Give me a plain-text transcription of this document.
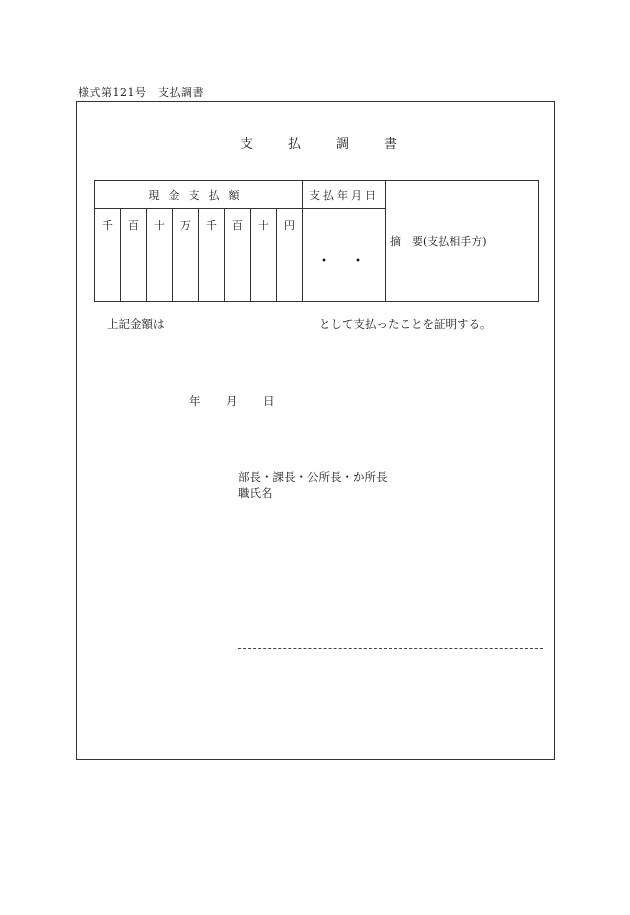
様式第121号　支払調書
支払調書
現金支払額								支払年月日	摘　要(支払相手方)
千	百	十	万	千	百	十	円	・・	
上記金額は	として支払ったことを証明する。
年 月 日
部長・課長・公所長・か所長
職氏名
